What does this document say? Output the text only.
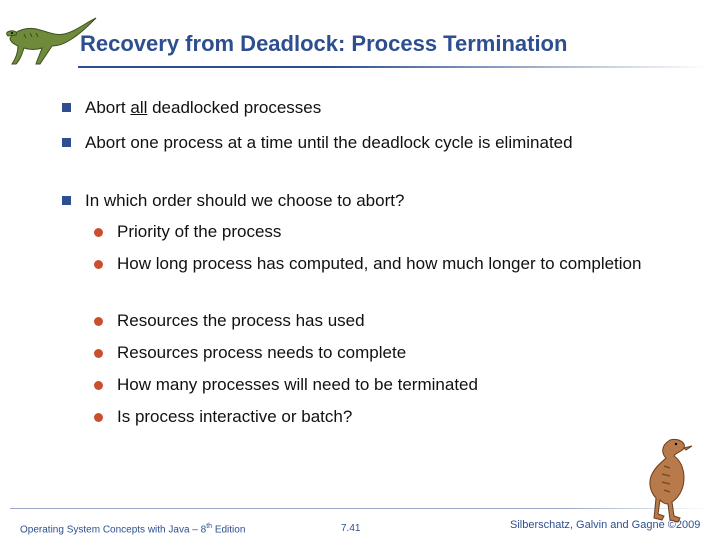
Recovery from Deadlock: Process Termination
Abort all deadlocked processes
Abort one process at a time until the deadlock cycle is eliminated
In which order should we choose to abort?
Priority of the process
How long process has computed, and how much longer to completion
Resources the process has used
Resources process needs to complete
How many processes will need to be terminated
Is process interactive or batch?
Operating System Concepts with Java – 8th Edition	7.41	Silberschatz, Galvin and Gagne ©2009
